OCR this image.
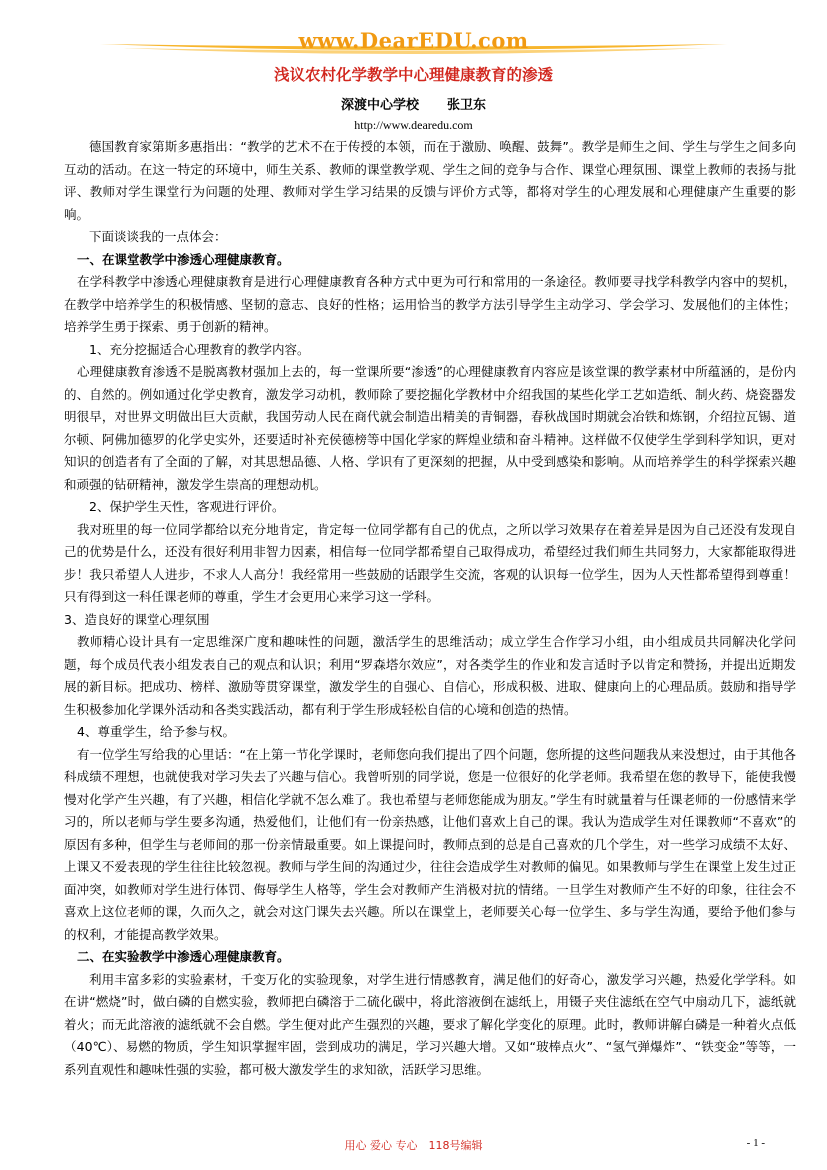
www.DearEDU.com
浅议农村化学教学中心理健康教育的渗透
深渡中心学校 张卫东
http://www.dearedu.com

德国教育家第斯多惠指出：“教学的艺术不在于传授的本领，而在于激励、唤醒、鼓舞”。教学是师生之间、学生与学生之间多向互动的活动。在这一特定的环境中，师生关系、教师的课堂教学观、学生之间的竞争与合作、课堂心理氛围、课堂上教师的表扬与批评、教师对学生课堂行为问题的处理、教师对学生学习结果的反馈与评价方式等，都将对学生的心理发展和心理健康产生重要的影响。

下面谈谈我的一点体会：

一、在课堂教学中渗透心理健康教育。

在学科教学中渗透心理健康教育是进行心理健康教育各种方式中更为可行和常用的一条途径。教师要寻找学科教学内容中的契机，在教学中培养学生的积极情感、坚韧的意志、良好的性格；运用恰当的教学方法引导学生主动学习、学会学习、发展他们的主体性；培养学生勇于探索、勇于创新的精神。

1、充分挖掘适合心理教育的教学内容。

心理健康教育渗透不是脱离教材强加上去的，每一堂课所要“渗透”的心理健康教育内容应是该堂课的教学素材中所蕴涵的，是份内的、自然的。例如通过化学史教育，激发学习动机，教师除了要挖掘化学教材中介绍我国的某些化学工艺如造纸、制火药、烧瓷器发明很早，对世界文明做出巨大贡献，我国劳动人民在商代就会制造出精美的青铜器，春秋战国时期就会冶铁和炼钢，介绍拉瓦锡、道尔顿、阿佛加德罗的化学史实外，还要适时补充侯德榜等中国化学家的辉煌业绩和奋斗精神。这样做不仅使学生学到科学知识，更对知识的创造者有了全面的了解，对其思想品德、人格、学识有了更深刻的把握，从中受到感染和影响。从而培养学生的科学探索兴趣和顽强的钻研精神，激发学生崇高的理想动机。

2、保护学生天性，客观进行评价。

我对班里的每一位同学都给以充分地肯定，肯定每一位同学都有自己的优点，之所以学习效果存在着差异是因为自己还没有发现自己的优势是什么，还没有很好利用非智力因素，相信每一位同学都希望自己取得成功，希望经过我们师生共同努力，大家都能取得进步！我只希望人人进步，不求人人高分！我经常用一些鼓励的话跟学生交流，客观的认识每一位学生，因为人天性都希望得到尊重！只有得到这一科任课老师的尊重，学生才会更用心来学习这一学科。

3、造良好的课堂心理氛围

教师精心设计具有一定思维深广度和趣味性的问题，激活学生的思维活动；成立学生合作学习小组，由小组成员共同解决化学问题，每个成员代表小组发表自己的观点和认识；利用“罗森塔尔效应”，对各类学生的作业和发言适时予以肯定和赞扬，并提出近期发展的新目标。把成功、榜样、激励等贯穿课堂，激发学生的自强心、自信心，形成积极、进取、健康向上的心理品质。鼓励和指导学生积极参加化学课外活动和各类实践活动，都有利于学生形成轻松自信的心境和创造的热情。

4、尊重学生，给予参与权。

有一位学生写给我的心里话：“在上第一节化学课时，老师您向我们提出了四个问题，您所提的这些问题我从来没想过，由于其他各科成绩不理想，也就使我对学习失去了兴趣与信心。我曾听别的同学说，您是一位很好的化学老师。我希望在您的教导下，能使我慢慢对化学产生兴趣，有了兴趣，相信化学就不怎么难了。我也希望与老师您能成为朋友。”学生有时就量着与任课老师的一份感情来学习的，所以老师与学生要多沟通，热爱他们，让他们有一份亲热感，让他们喜欢上自己的课。我认为造成学生对任课教师“不喜欢”的原因有多种，但学生与老师间的那一份亲情最重要。如上课提问时，教师点到的总是自己喜欢的几个学生，对一些学习成绩不太好、上课又不爱表现的学生往往比较忽视。教师与学生间的沟通过少，往往会造成学生对教师的偏见。如果教师与学生在课堂上发生过正面冲突，如教师对学生进行体罚、侮辱学生人格等，学生会对教师产生消极对抗的情绪。一旦学生对教师产生不好的印象，往往会不喜欢上这位老师的课，久而久之，就会对这门课失去兴趣。所以在课堂上，老师要关心每一位学生、多与学生沟通，要给予他们参与的权利，才能提高教学效果。

二、在实验教学中渗透心理健康教育。

利用丰富多彩的实验素材，千变万化的实验现象，对学生进行情感教育，满足他们的好奇心，激发学习兴趣，热爱化学学科。如在讲“燃烧”时，做白磷的自燃实验，教师把白磷溶于二硫化碳中，将此溶液倒在滤纸上，用镊子夹住滤纸在空气中扇动几下，滤纸就着火；而无此溶液的滤纸就不会自燃。学生便对此产生强烈的兴趣，要求了解化学变化的原理。此时，教师讲解白磷是一种着火点低（40℃）、易燃的物质，学生知识掌握牢固，尝到成功的满足，学习兴趣大增。又如“玻棒点火”、“氢气弹爆炸”、“铁变金”等等，一系列直观性和趣味性强的实验，都可极大激发学生的求知欲，活跃学习思维。

用心 爱心 专心　118号编辑	- 1 -
